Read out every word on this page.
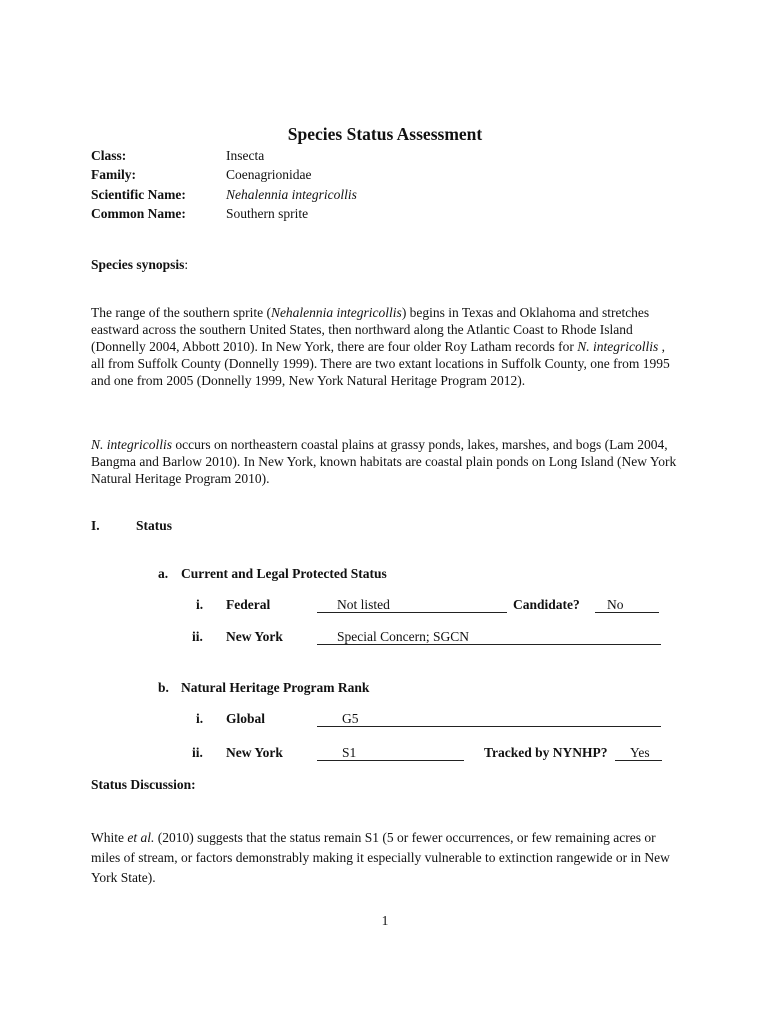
Species Status Assessment
Class:	Insecta
Family:	Coenagrionidae
Scientific Name:	Nehalennia integricollis
Common Name:	Southern sprite
Species synopsis:
The range of the southern sprite (Nehalennia integricollis) begins in Texas and Oklahoma and stretches eastward across the southern United States, then northward along the Atlantic Coast to Rhode Island (Donnelly 2004, Abbott 2010). In New York, there are four older Roy Latham records for N. integricollis , all from Suffolk County (Donnelly 1999). There are two extant locations in Suffolk County, one from 1995 and one from 2005 (Donnelly 1999, New York Natural Heritage Program 2012).
N. integricollis occurs on northeastern coastal plains at grassy ponds, lakes, marshes, and bogs (Lam 2004, Bangma and Barlow 2010). In New York, known habitats are coastal plain ponds on Long Island (New York Natural Heritage Program 2010).
I.	Status
a. Current and Legal Protected Status
i. Federal	Not listed	Candidate?	No
ii. New York	Special Concern; SGCN
b. Natural Heritage Program Rank
i. Global	G5
ii. New York	S1	Tracked by NYNHP?	Yes
Status Discussion:
White et al. (2010) suggests that the status remain S1 (5 or fewer occurrences, or few remaining acres or miles of stream, or factors demonstrably making it especially vulnerable to extinction rangewide or in New York State).
1
